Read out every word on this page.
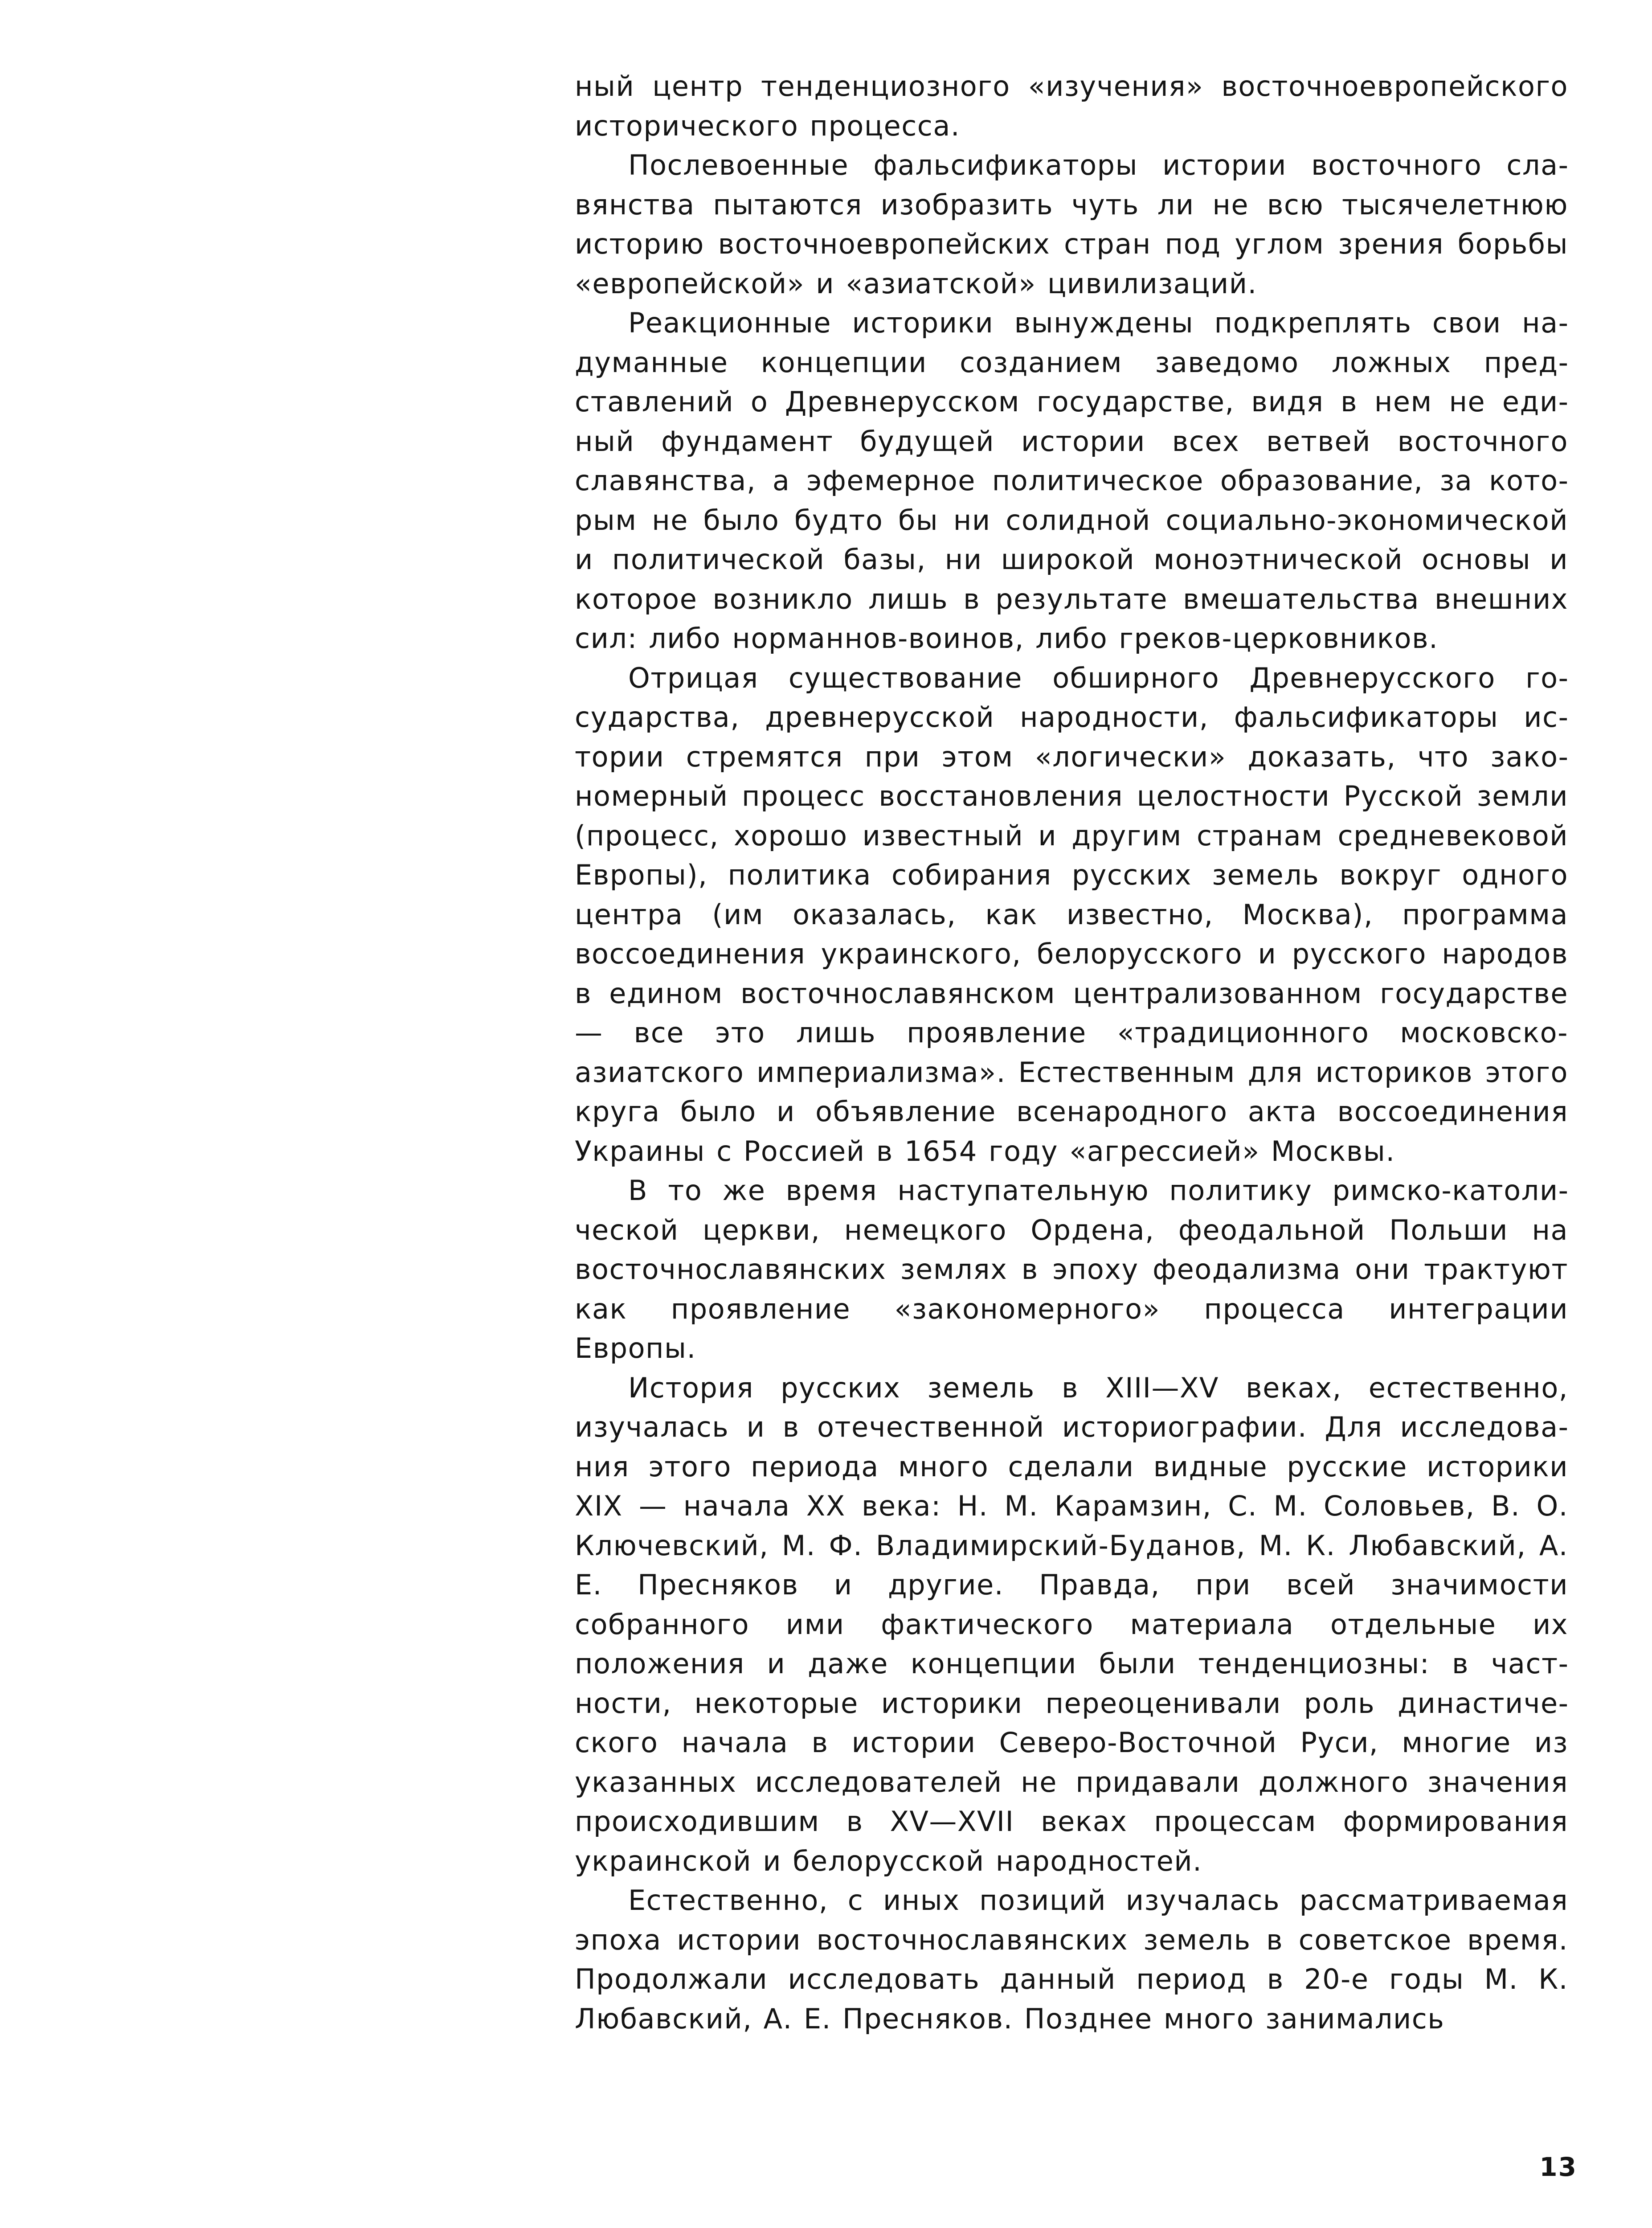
ный центр тенденциозного «изучения» восточноевропейского исторического процесса.

Послевоенные фальсификаторы истории восточного славянства пытаются изобразить чуть ли не всю тысячелетнюю историю восточноевропейских стран под углом зрения борьбы «европейской» и «азиатской» цивилизаций.

Реакционные историки вынуждены подкреплять свои надуманные концепции созданием заведомо ложных представлений о Древнерусском государстве, видя в нем не единый фундамент будущей истории всех ветвей восточного славянства, а эфемерное политическое образование, за которым не было будто бы ни солидной социально-экономической и политической базы, ни широкой моноэтнической основы и которое возникло лишь в результате вмешательства внешних сил: либо норманнов-воинов, либо греков-церковников.

Отрицая существование обширного Древнерусского государства, древнерусской народности, фальсификаторы истории стремятся при этом «логически» доказать, что закономерный процесс восстановления целостности Русской земли (процесс, хорошо известный и другим странам средневековой Европы), политика собирания русских земель вокруг одного центра (им оказалась, как известно, Москва), программа воссоединения украинского, белорусского и русского народов в едином восточнославянском централизованном государстве — все это лишь проявление «традиционного московско-азиатского империализма». Естественным для историков этого круга было и объявление всенародного акта воссоединения Украины с Россией в 1654 году «агрессией» Москвы.

В то же время наступательную политику римско-католической церкви, немецкого Ордена, феодальной Польши на восточнославянских землях в эпоху феодализма они трактуют как проявление «закономерного» процесса интеграции Европы.

История русских земель в XIII—XV веках, естественно, изучалась и в отечественной историографии. Для исследования этого периода много сделали видные русские историки XIX — начала XX века: Н. М. Карамзин, С. М. Соловьев, В. О. Ключевский, М. Ф. Владимирский-Буданов, М. К. Любавский, А. Е. Пресняков и другие. Правда, при всей значимости собранного ими фактического материала отдельные их положения и даже концепции были тенденциозны: в частности, некоторые историки переоценивали роль династического начала в истории Северо-Восточной Руси, многие из указанных исследователей не придавали должного значения происходившим в XV—XVII веках процессам формирования украинской и белорусской народностей.

Естественно, с иных позиций изучалась рассматриваемая эпоха истории восточнославянских земель в советское время. Продолжали исследовать данный период в 20-е годы М. К. Любавский, А. Е. Пресняков. Позднее много занимались

13
